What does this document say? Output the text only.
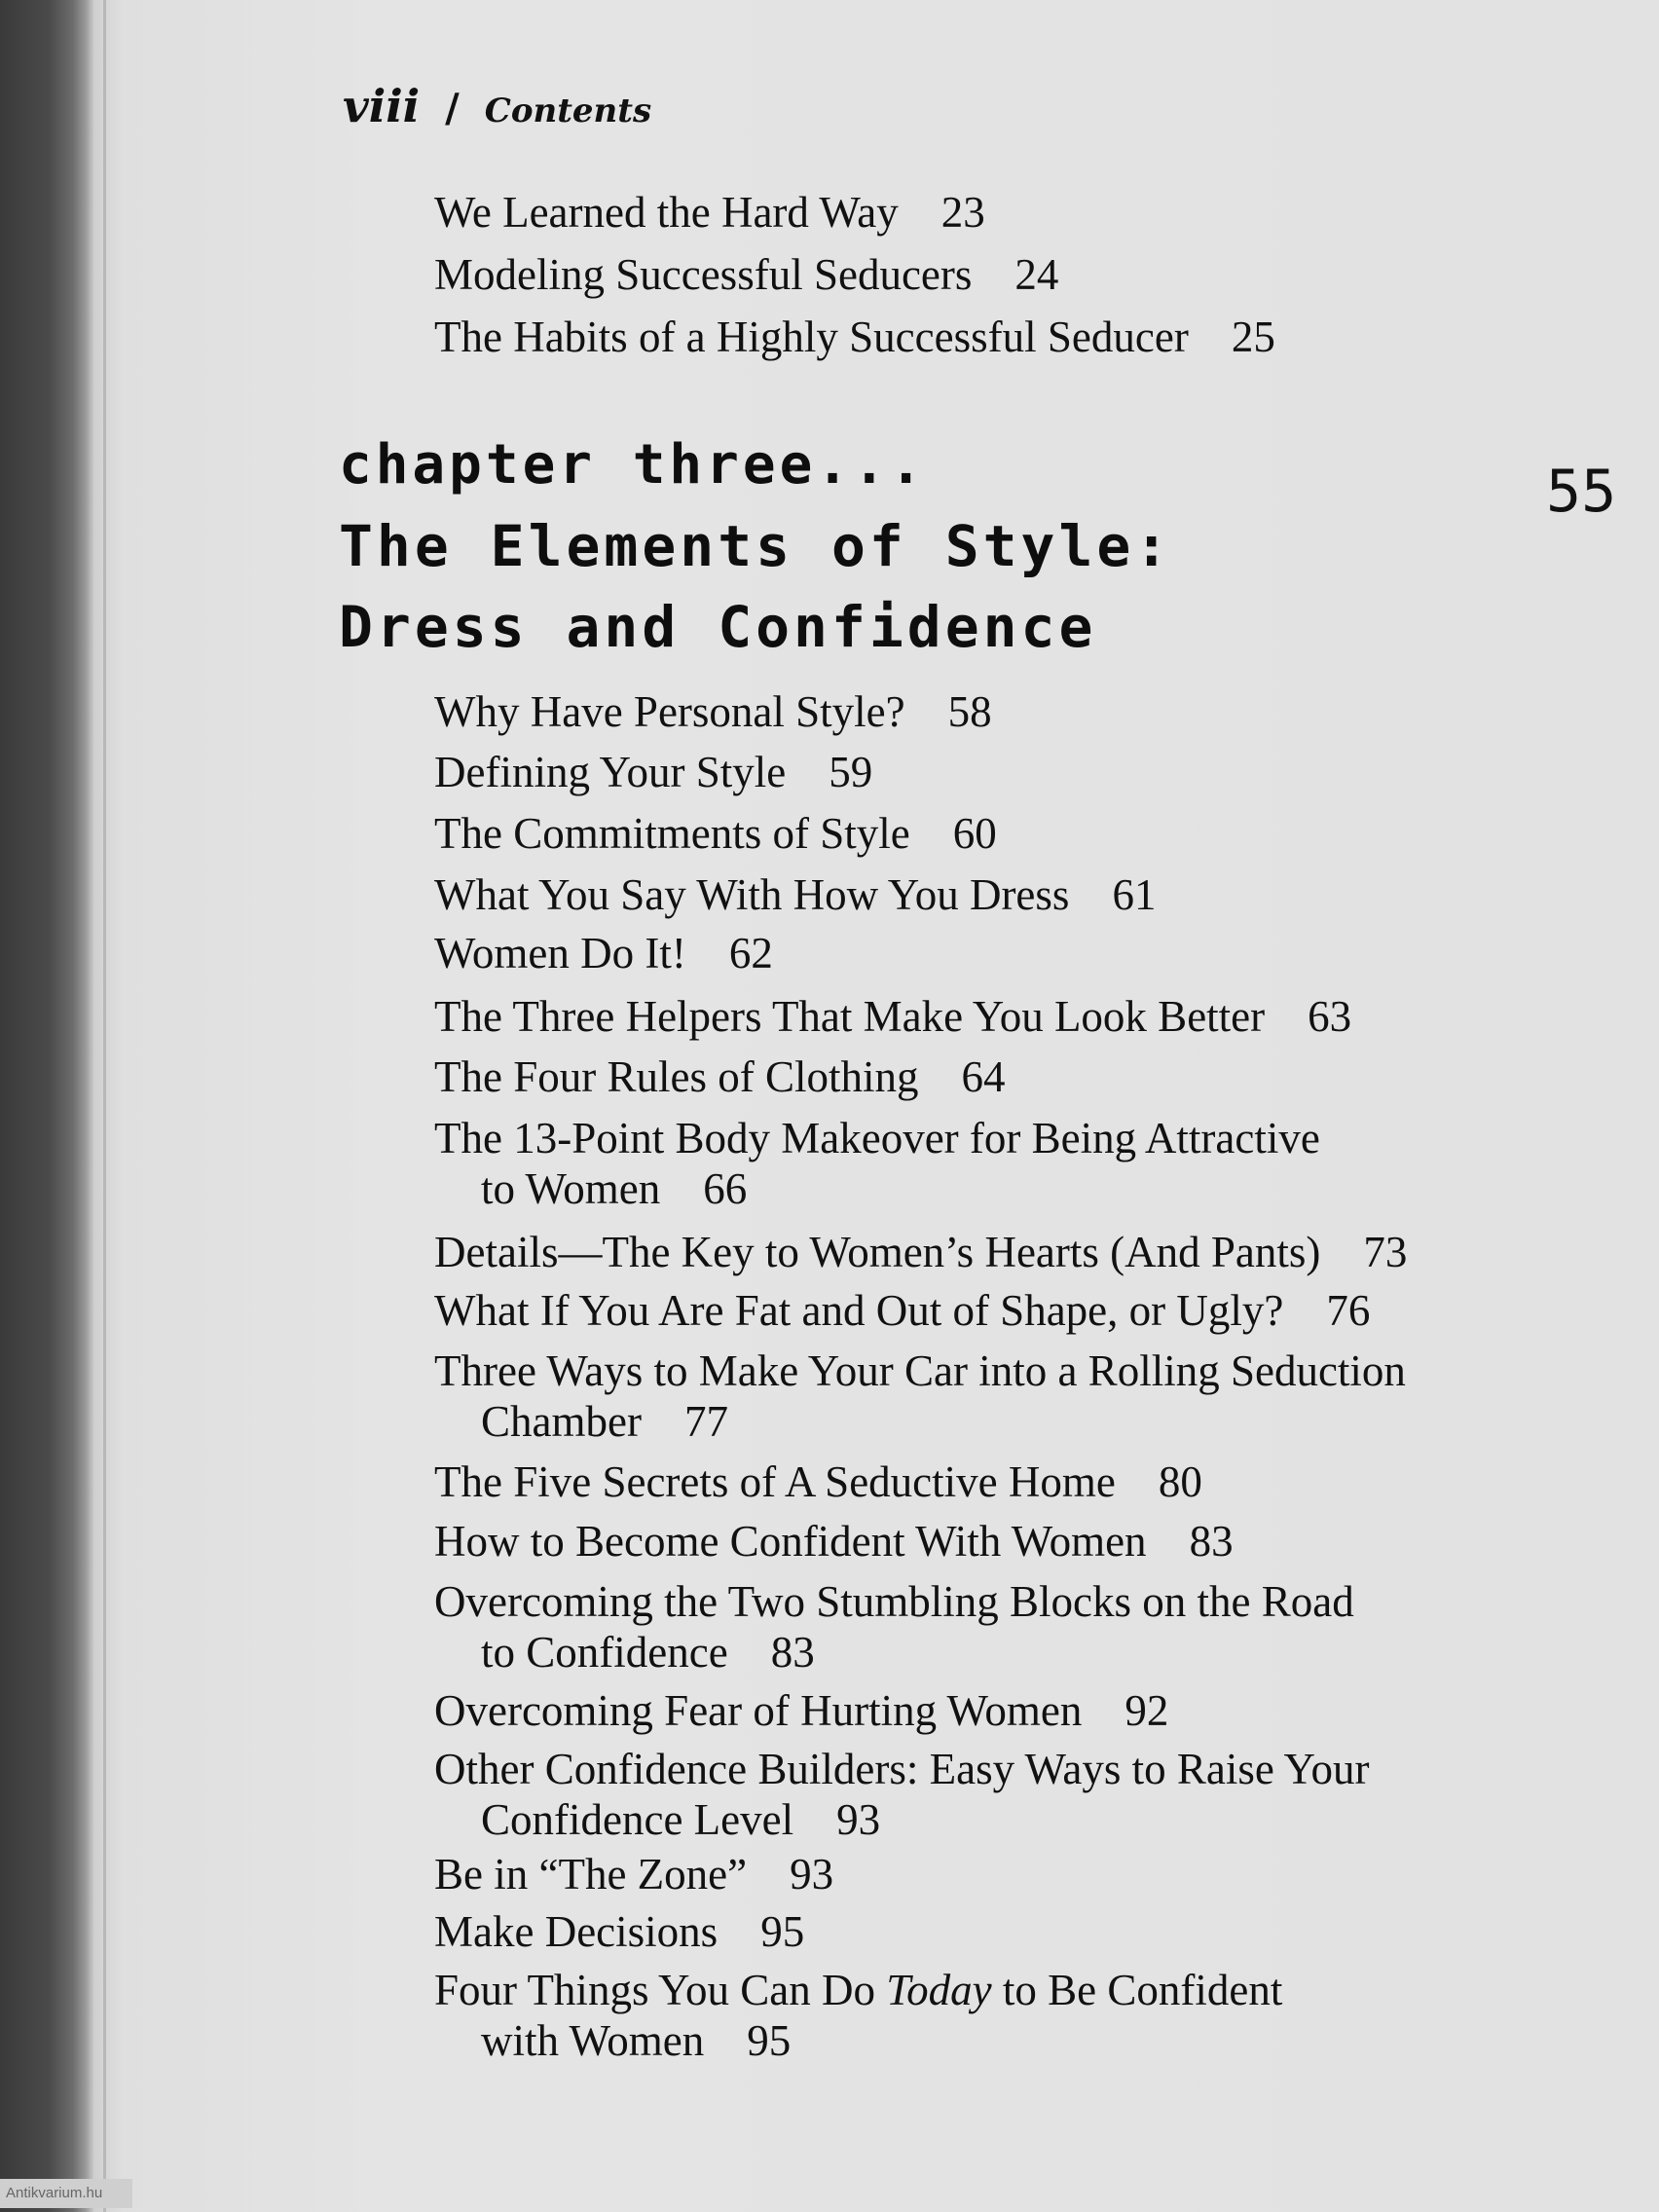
viii / Contents
We Learned the Hard Way 23
Modeling Successful Seducers 24
The Habits of a Highly Successful Seducer 25
chapter three...
The Elements of Style:
Dress and Confidence
55
Why Have Personal Style? 58
Defining Your Style 59
The Commitments of Style 60
What You Say With How You Dress 61
Women Do It! 62
The Three Helpers That Make You Look Better 63
The Four Rules of Clothing 64
The 13-Point Body Makeover for Being Attractive
to Women 66
Details—The Key to Women’s Hearts (And Pants) 73
What If You Are Fat and Out of Shape, or Ugly? 76
Three Ways to Make Your Car into a Rolling Seduction
Chamber 77
The Five Secrets of A Seductive Home 80
How to Become Confident With Women 83
Overcoming the Two Stumbling Blocks on the Road
to Confidence 83
Overcoming Fear of Hurting Women 92
Other Confidence Builders: Easy Ways to Raise Your
Confidence Level 93
Be in “The Zone” 93
Make Decisions 95
Four Things You Can Do Today to Be Confident
with Women 95
Antikvarium.hu
